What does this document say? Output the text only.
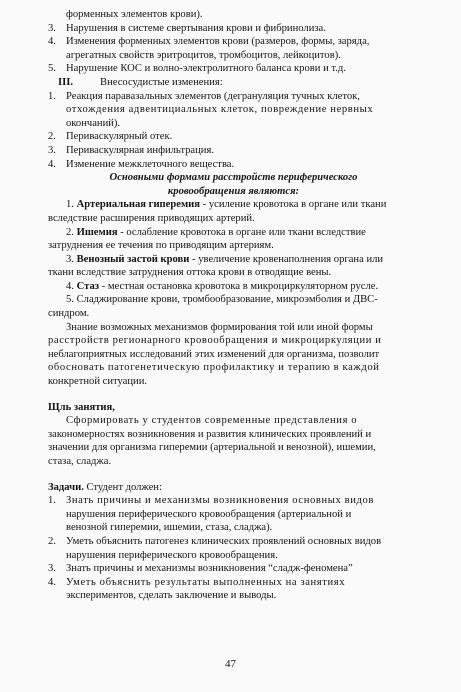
форменных элементов крови).
3. Нарушения в системе свертывания крови и фибринолиза.
4. Изменения форменных элементов крови (размеров, формы, заряда,
агрегатных свойств эритроцитов, тромбоцитов, лейкоцитов).
5. Нарушение КОС и волно-электролитного баланса крови и т.д.
III.	Внесосудистые изменения:
1. Реакция паравазальных элементов (дегрануляция тучных клеток,
отхождения адвентициальных клеток, повреждение нервных
окончаний).
2. Периваскулярный отек.
3. Периваскулярная инфильтрация.
4. Изменение межклеточного вещества.
Основными формами расстройств периферического
кровообращения являются:
1. Артериальная гиперемия - усиление кровотока в органе или ткани
вследствие расширения приводящих артерий.
2. Ишемия - ослабление кровотока в органе или ткани вследствие
затруднения ее течения по приводящим артериям.
3. Венозный застой крови - увеличение кровенаполнения органа или
ткани вследствие затруднения оттока крови в отводящие вены.
4. Стаз - местная остановка кровотока в микроциркуляторном русле.
5. Сладжирование крови, тромбообразование, микроэмболия и ДВС-
синдром.
Знание возможных механизмов формирования той или иной формы
расстройств регионарного кровообращения и микроциркуляции и
неблагоприятных исследований этих изменений для организма, позволит
обосновать патогенетическую профилактику и терапию в каждой
конкретной ситуации.
Щль занятия,
Сформировать у студентов современные представления о
закономерностях возникновения и развития клинических проявлений и
значении для организма гиперемии (артериальной и венозной), ишемии,
стаза, сладжа.
Задачи. Студент должен:
1. Знать причины и механизмы возникновения основных видов
нарушения периферического кровообращения (артериальной и
венозной гиперемии, ишемии, стаза, сладжа).
2. Уметь объяснить патогенез клинических проявлений основных видов
нарушения периферического кровообращения.
3. Знать причины и механизмы возникновения “сладж-феномена”
4. Уметь объяснить результаты выполненных на занятиях
экспериментов, сделать заключение и выводы.
47
